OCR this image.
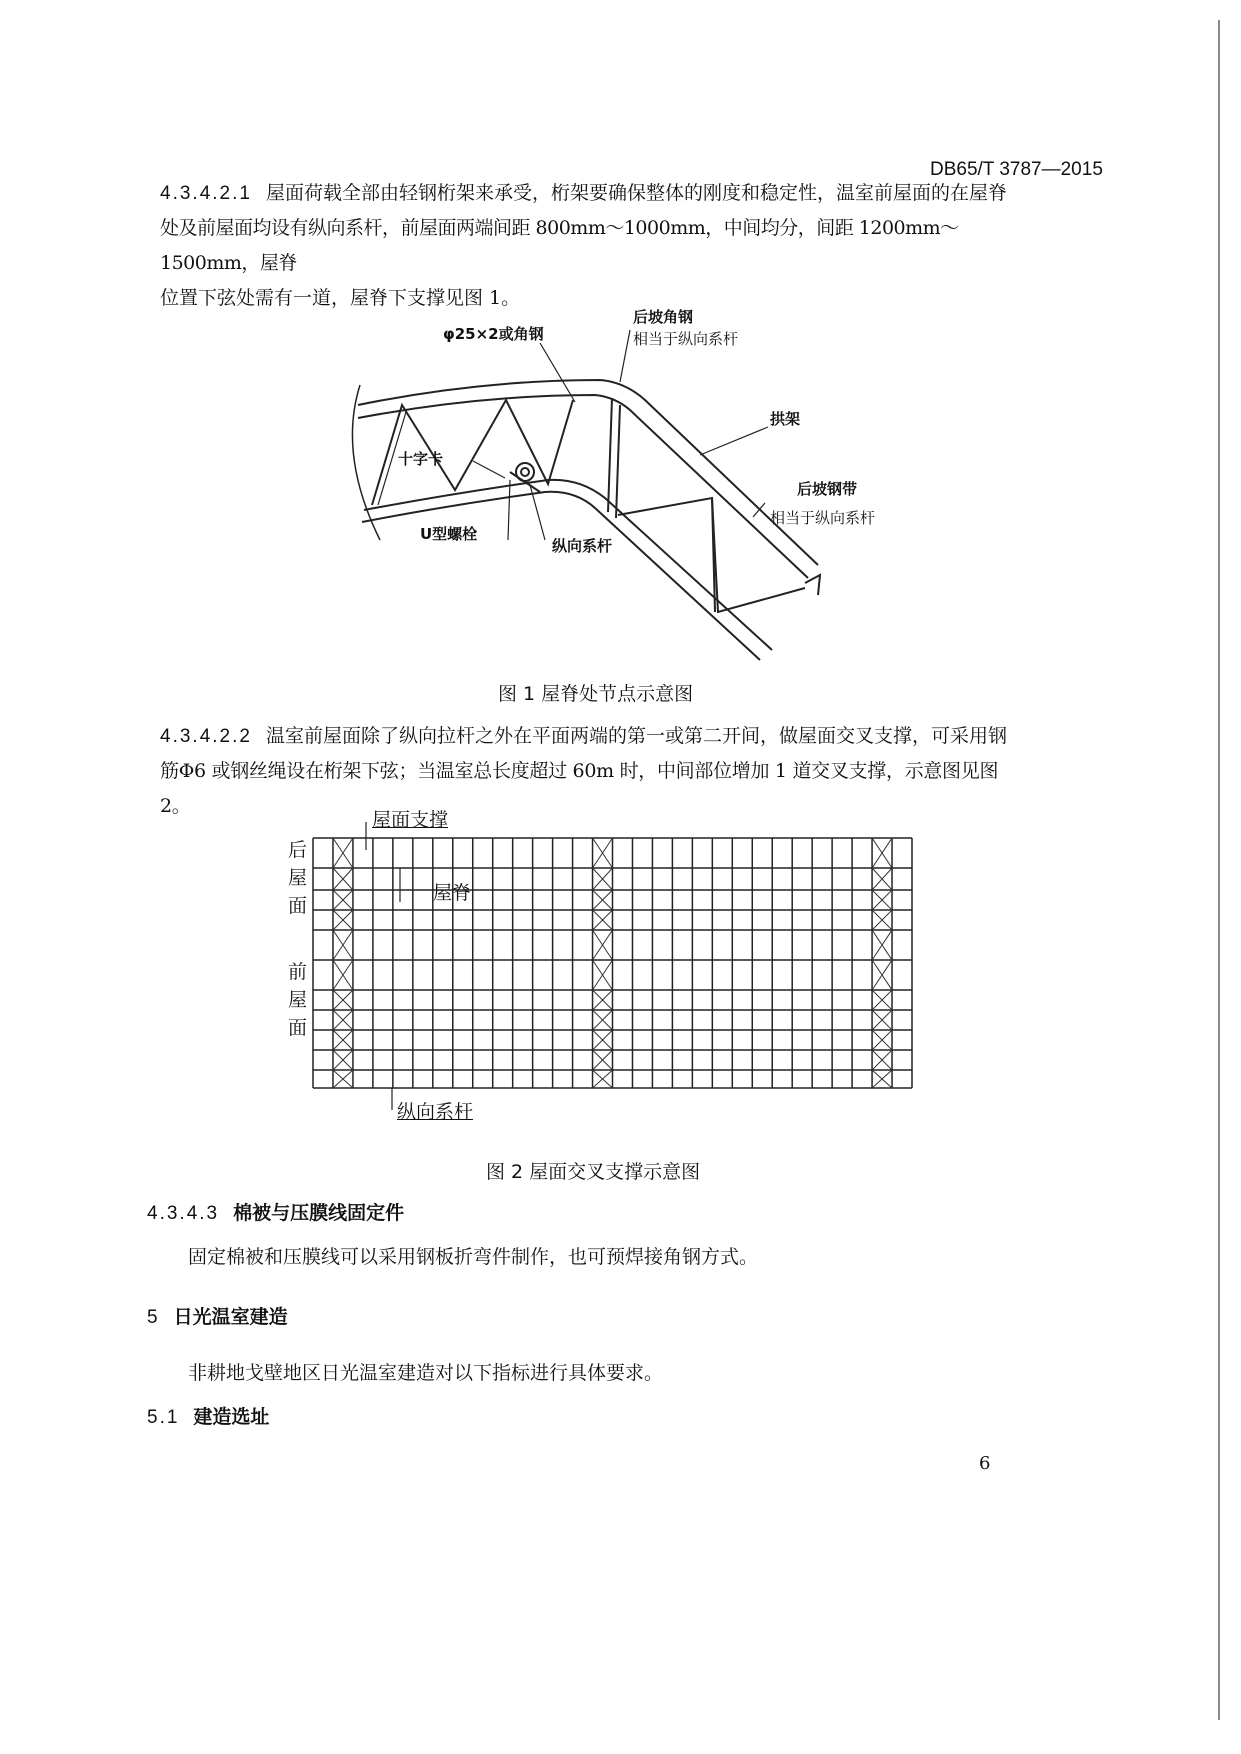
DB65/T 3787—2015

4.3.4.2.1 屋面荷载全部由轻钢桁架来承受，桁架要确保整体的刚度和稳定性，温室前屋面的在屋脊

处及前屋面均设有纵向系杆，前屋面两端间距 800mm～1000mm，中间均分，间距 1200mm～1500mm，屋脊

位置下弦处需有一道，屋脊下支撑见图 1。

φ25×2或角钢
后坡角钢
相当于纵向系杆
拱架
十字卡
后坡钢带
相当于纵向系杆
U型螺栓
纵向系杆
图 1 屋脊处节点示意图

4.3.4.2.2 温室前屋面除了纵向拉杆之外在平面两端的第一或第二开间，做屋面交叉支撑，可采用钢

筋Φ6 或钢丝绳设在桁架下弦；当温室总长度超过 60m 时，中间部位增加 1 道交叉支撑，示意图见图 2。

屋面支撑
屋脊
后
屋
面
前
屋
面
纵向系杆
图 2 屋面交叉支撑示意图
4.3.4.3 棉被与压膜线固定件
固定棉被和压膜线可以采用钢板折弯件制作，也可预焊接角钢方式。
5 日光温室建造
非耕地戈壁地区日光温室建造对以下指标进行具体要求。
5.1 建造选址
6
